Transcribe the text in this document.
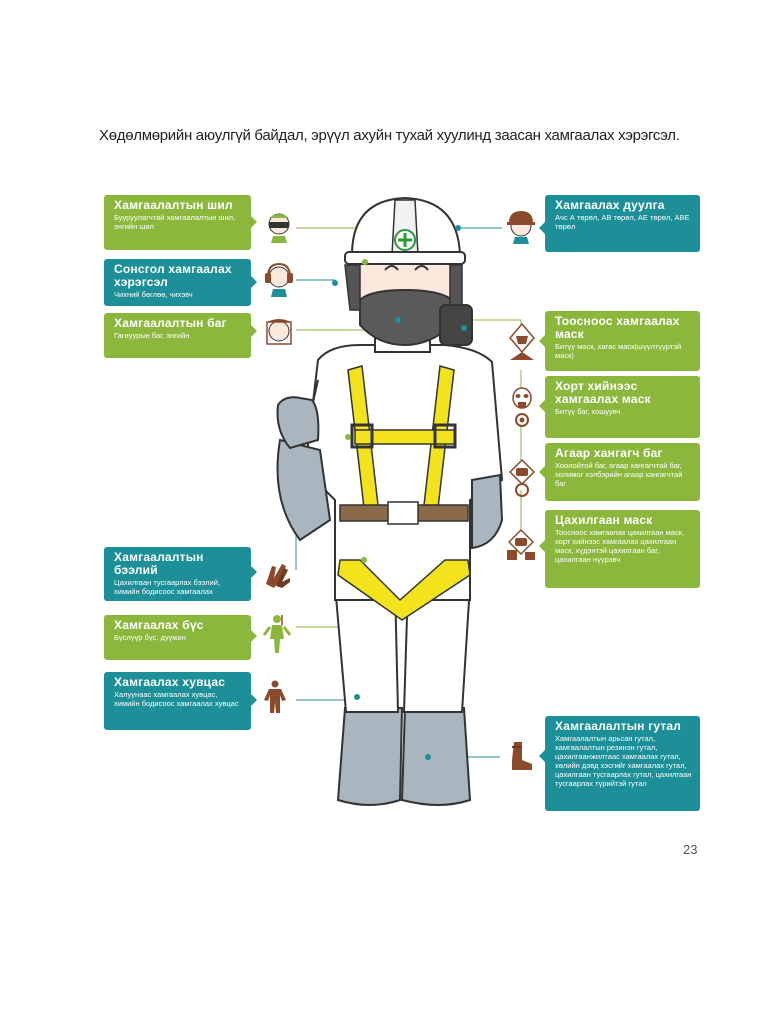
Хөдөлмөрийн аюулгүй байдал, эрүүл ахуйн тухай хуулинд заасан хамгаалах хэрэгсэл.
Хамгаалалтын шил

Бууруулагчтай хамгаалалтын шил, энгийн шил

Сонсгол хамгаалах хэрэгсэл

Чихний бөглөө, чихэвч

Хамгаалалтын баг

Гагнуурын баг, энгийн

Хамгаалалтын бээлий

Цахилгаан тусгаарлах бээлий, химийн бодисоос хамгаалах

Хамгаалах бүс

Бүслүүр бүс, дүүжин

Хамгаалах хувцас

Халуунаас хамгаалах хувцас, химийн бодисоос хамгаалах хувцас

Хамгаалах дуулга

Ачс А төрөл, АВ төрөл, АЕ төрөл, АВЕ төрөл

Тоосноос хамгаалах маск

Битүү маск, хагас маск(шүүлтүүртэй маск)

Хорт хийнээс хамгаалах маск

Битүү баг, хошуувч

Агаар хангагч баг

Хоолойтой баг, агаар хангагчтай баг, холимог хэлбэрийн агаар хангагчтай баг

Цахилгаан маск

Тоосноос хамгаалах цахилгаан маск, хорт хийнээс хамгаалах цахилгаан маск, хүдэнтэй цахилгаан баг, цахилгаан нүүрэвч

Хамгаалалтын гутал

Хамгаалалтын арьсан гутал, хамгаалалтын резинэн гутал, цахилгаанжилтаас хамгаалах гутал, хөлийн дэвд хэсгийг хамгаалах гутал, цахилгаан тусгаарлах гутал, цахилгаан тусгаарлах түрийтэй гутал

23
